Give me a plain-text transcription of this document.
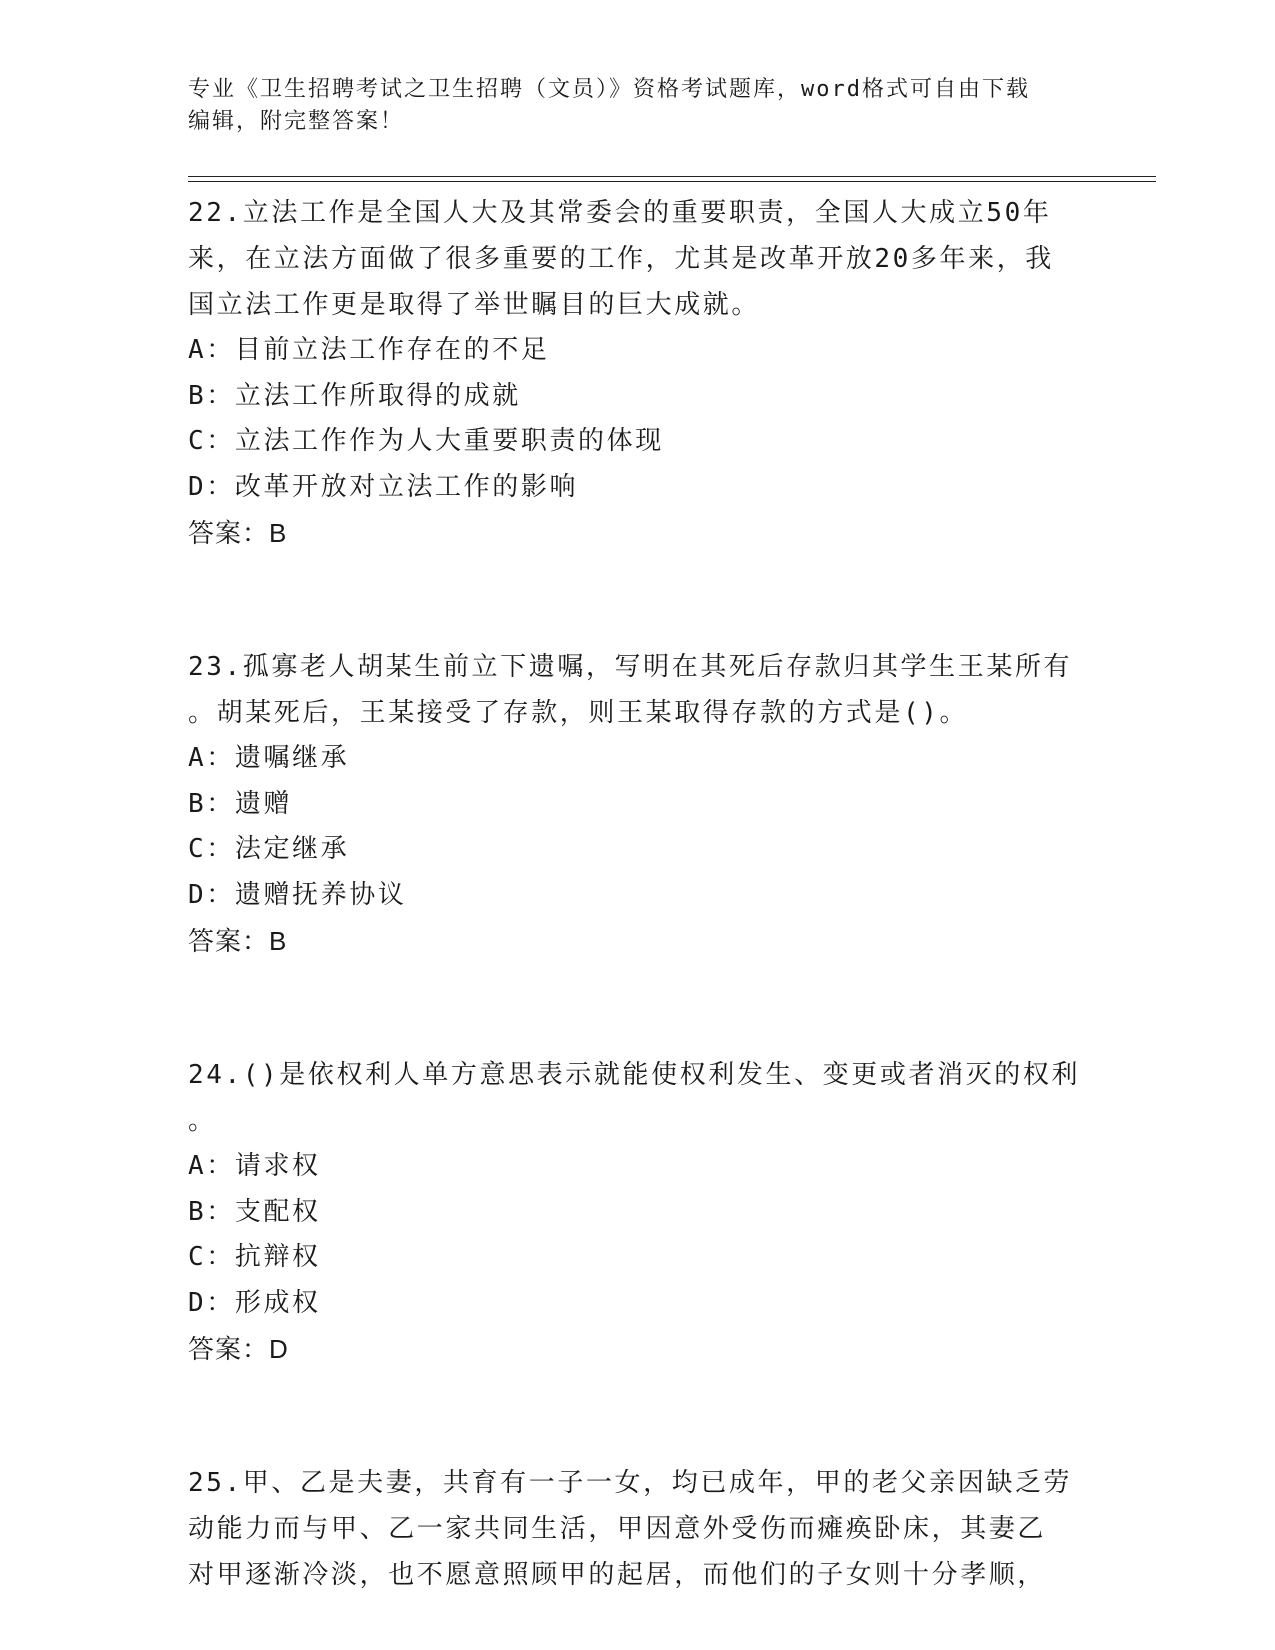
专业《卫生招聘考试之卫生招聘（文员）》资格考试题库，word格式可自由下载
编辑，附完整答案！

22.立法工作是全国人大及其常委会的重要职责，全国人大成立50年
来，在立法方面做了很多重要的工作，尤其是改革开放20多年来，我
国立法工作更是取得了举世瞩目的巨大成就。

A：目前立法工作存在的不足

B：立法工作所取得的成就

C：立法工作作为人大重要职责的体现

D：改革开放对立法工作的影响

答案：B

23.孤寡老人胡某生前立下遗嘱，写明在其死后存款归其学生王某所有
。胡某死后，王某接受了存款，则王某取得存款的方式是()。

A：遗嘱继承

B：遗赠

C：法定继承

D：遗赠抚养协议

答案：B

24.()是依权利人单方意思表示就能使权利发生、变更或者消灭的权利
。

A：请求权

B：支配权

C：抗辩权

D：形成权

答案：D

25.甲、乙是夫妻，共育有一子一女，均已成年，甲的老父亲因缺乏劳
动能力而与甲、乙一家共同生活，甲因意外受伤而瘫痪卧床，其妻乙
对甲逐渐冷淡，也不愿意照顾甲的起居，而他们的子女则十分孝顺，
